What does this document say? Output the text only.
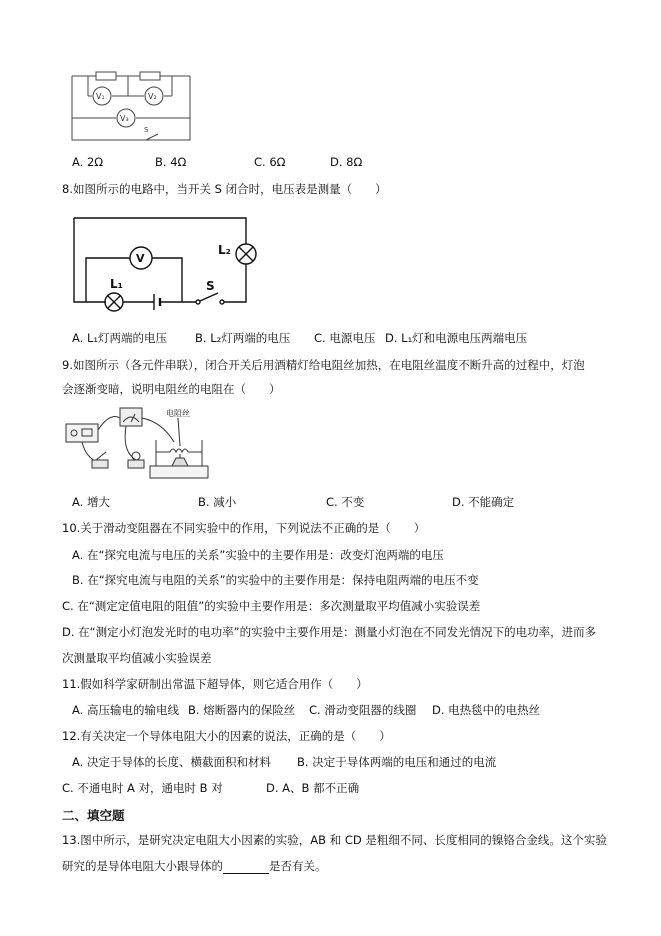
V₁	V₂
V₃
S
A. 2Ω	B. 4Ω	C. 6Ω	D. 8Ω
8.如图所示的电路中，当开关 S 闭合时，电压表是测量（　　）
V
L₁
L₂
S
A. L₁灯两端的电压 B. L₂灯两端的电压 C. 电源电压 D. L₁灯和电源电压两端电压
9.如图所示（各元件串联），闭合开关后用酒精灯给电阻丝加热，在电阻丝温度不断升高的过程中，灯泡
会逐渐变暗，说明电阻丝的电阻在（　　）
电阻丝
A. 增大	B. 减小	C. 不变	D. 不能确定
10.关于滑动变阻器在不同实验中的作用，下列说法不正确的是（　　）
A. 在“探究电流与电压的关系”实验中的主要作用是：改变灯泡两端的电压
B. 在“探究电流与电阻的关系”的实验中的主要作用是：保持电阻两端的电压不变
C. 在“测定定值电阻的阻值”的实验中主要作用是：多次测量取平均值减小实验误差
D. 在“测定小灯泡发光时的电功率”的实验中主要作用是：测量小灯泡在不同发光情况下的电功率，进而多
次测量取平均值减小实验误差
11.假如科学家研制出常温下超导体，则它适合用作（　　）
A. 高压输电的输电线 B. 熔断器内的保险丝 C. 滑动变阻器的线圈 D. 电热毯中的电热丝
12.有关决定一个导体电阻大小的因素的说法，正确的是（　　）
A. 决定于导体的长度、横截面积和材料 B. 决定于导体两端的电压和通过的电流
C. 不通电时 A 对，通电时 B 对	D. A、B 都不正确
二、填空题
13.图中所示，是研究决定电阻大小因素的实验，AB 和 CD 是粗细不同、长度相同的镍铬合金线。这个实验
研究的是导体电阻大小跟导体的	是否有关。
